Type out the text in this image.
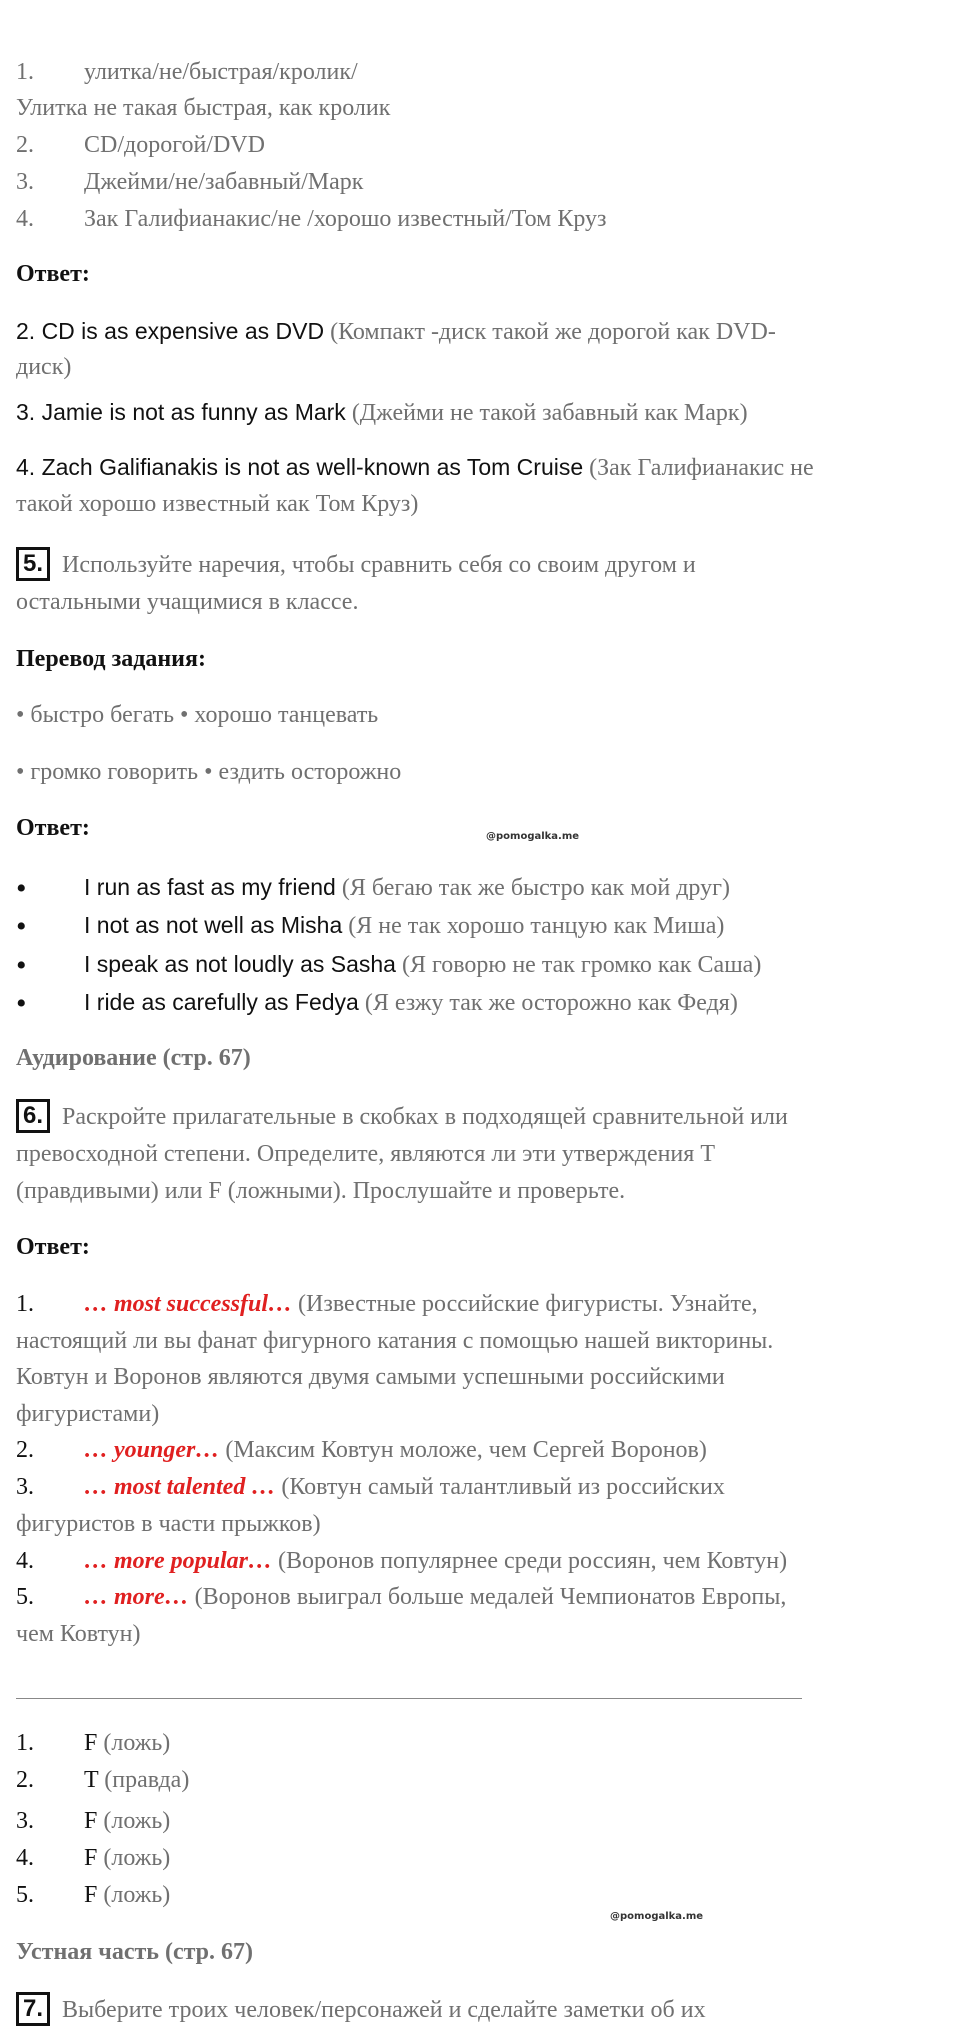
1. улитка/не/быстрая/кролик/
Улитка не такая быстрая, как кролик
2. CD/дорогой/DVD
3. Джейми/не/забавный/Марк
4. Зак Галифианакис/не /хорошо известный/Том Круз
Ответ:
2. CD is as expensive as DVD (Компакт -диск такой же дорогой как DVD-
диск)
3. Jamie is not as funny as Mark (Джейми не такой забавный как Марк)
4. Zach Galifianakis is not as well-known as Tom Cruise (Зак Галифианакис не
такой хорошо известный как Том Круз)
5. Используйте наречия, чтобы сравнить себя со своим другом и
остальными учащимися в классе.
Перевод задания:
• быстро бегать • хорошо танцевать
• громко говорить • ездить осторожно
Ответ:	@pomogalka.me
• I run as fast as my friend (Я бегаю так же быстро как мой друг)
• I not as not well as Misha (Я не так хорошо танцую как Миша)
• I speak as not loudly as Sasha (Я говорю не так громко как Саша)
• I ride as carefully as Fedya (Я езжу так же осторожно как Федя)
Аудирование (стр. 67)
6. Раскройте прилагательные в скобках в подходящей сравнительной или
превосходной степени. Определите, являются ли эти утверждения T
(правдивыми) или F (ложными). Прослушайте и проверьте.
Ответ:
1. … most successful… (Известные российские фигуристы. Узнайте,
настоящий ли вы фанат фигурного катания с помощью нашей викторины.
Ковтун и Воронов являются двумя самыми успешными российскими
фигуристами)
2. … younger… (Максим Ковтун моложе, чем Сергей Воронов)
3. … most talented … (Ковтун самый талантливый из российских
фигуристов в части прыжков)
4. … more popular… (Воронов популярнее среди россиян, чем Ковтун)
5. … more… (Воронов выиграл больше медалей Чемпионатов Европы,
чем Ковтун)
1. F (ложь)
2. T (правда)
3. F (ложь)
4. F (ложь)
5. F (ложь)
@pomogalka.me
Устная часть (стр. 67)
7. Выберите троих человек/персонажей и сделайте заметки об их
